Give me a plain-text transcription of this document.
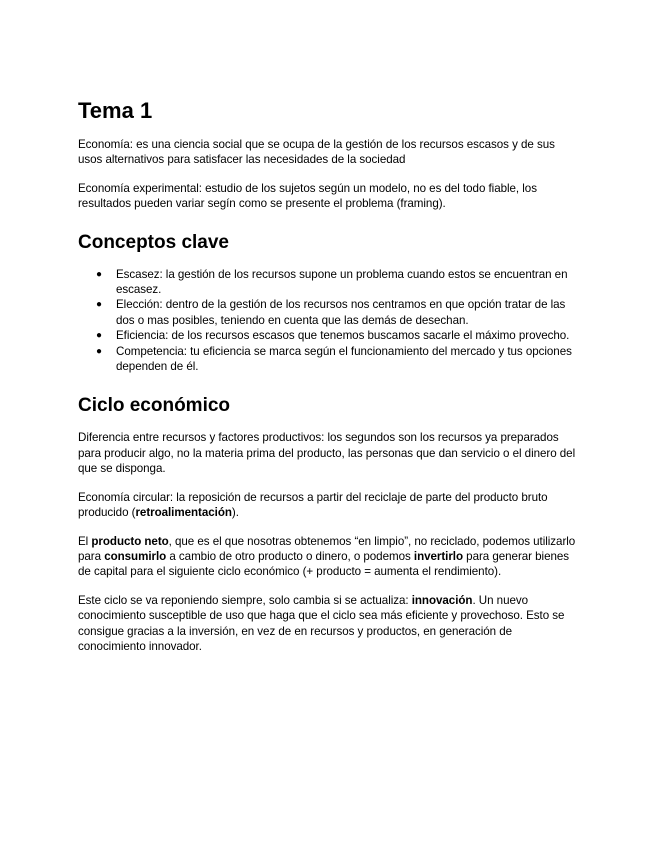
Tema 1

Economía: es una ciencia social que se ocupa de la gestión de los recursos escasos y de sus usos alternativos para satisfacer las necesidades de la sociedad

Economía experimental: estudio de los sujetos según un modelo, no es del todo fiable, los resultados pueden variar segín como se presente el problema (framing).

Conceptos clave
● Escasez: la gestión de los recursos supone un problema cuando estos se encuentran en escasez.
● Elección: dentro de la gestión de los recursos nos centramos en que opción tratar de las dos o mas posibles, teniendo en cuenta que las demás de desechan.
● Eficiencia: de los recursos escasos que tenemos buscamos sacarle el máximo provecho.
● Competencia: tu eficiencia se marca según el funcionamiento del mercado y tus opciones dependen de él.
Ciclo económico

Diferencia entre recursos y factores productivos: los segundos son los recursos ya preparados para producir algo, no la materia prima del producto, las personas que dan servicio o el dinero del que se disponga.

Economía circular: la reposición de recursos a partir del reciclaje de parte del producto bruto producido (retroalimentación).

El producto neto, que es el que nosotras obtenemos “en limpio”, no reciclado, podemos utilizarlo para consumirlo a cambio de otro producto o dinero, o podemos invertirlo para generar bienes de capital para el siguiente ciclo económico (+ producto = aumenta el rendimiento).

Este ciclo se va reponiendo siempre, solo cambia si se actualiza: innovación. Un nuevo conocimiento susceptible de uso que haga que el ciclo sea más eficiente y provechoso. Esto se consigue gracias a la inversión, en vez de en recursos y productos, en generación de conocimiento innovador.
